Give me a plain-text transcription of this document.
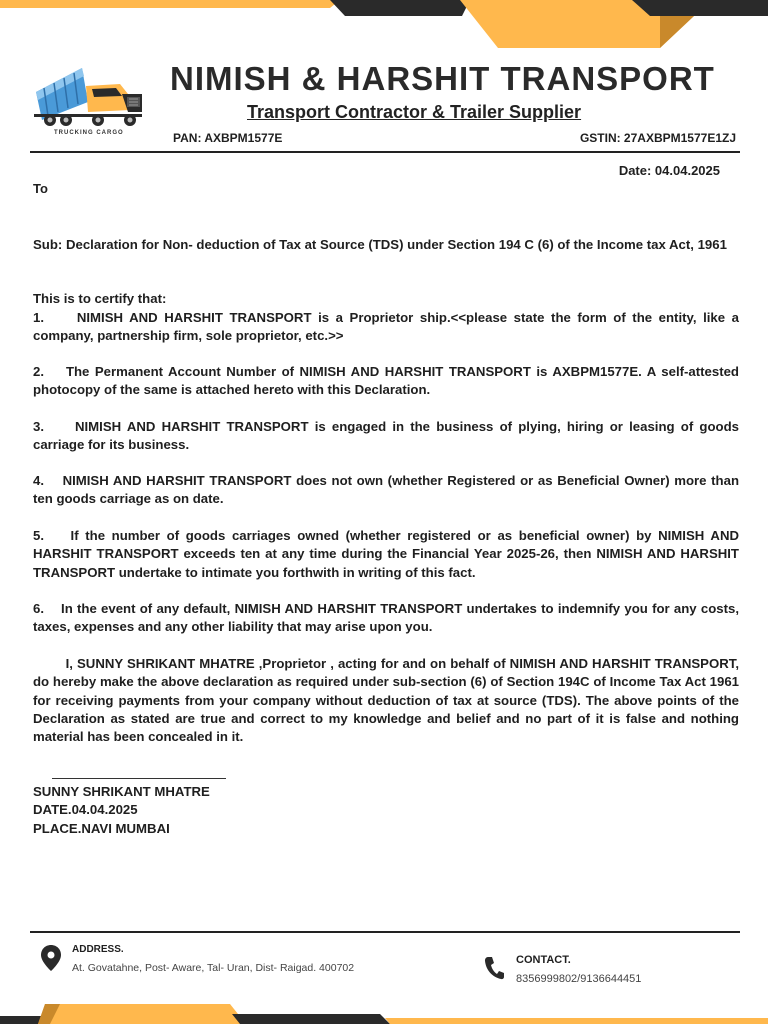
TRUCKING CARGO
NIMISH & HARSHIT TRANSPORT
Transport Contractor & Trailer Supplier
PAN: AXBPM1577E	GSTIN: 27AXBPM1577E1ZJ
Date: 04.04.2025
To

Sub: Declaration for Non- deduction of Tax at Source (TDS) under Section 194 C (6) of the Income tax Act, 1961

This is to certify that:

1.     NIMISH AND HARSHIT TRANSPORT is a Proprietor ship.<<please state the form of the entity, like a company, partnership firm, sole proprietor, etc.>>

2.    The Permanent Account Number of NIMISH AND HARSHIT TRANSPORT is AXBPM1577E. A self-attested photocopy of the same is attached hereto with this Declaration.

3.     NIMISH AND HARSHIT TRANSPORT is engaged in the business of plying, hiring or leasing of goods carriage for its business.

4.    NIMISH AND HARSHIT TRANSPORT does not own (whether Registered or as Beneficial Owner) more than ten goods carriage as on date.

5.    If the number of goods carriages owned (whether registered or as beneficial owner) by NIMISH AND HARSHIT TRANSPORT exceeds ten at any time during the Financial Year 2025-26, then NIMISH AND HARSHIT TRANSPORT undertake to intimate you forthwith in writing of this fact.

6.    In the event of any default, NIMISH AND HARSHIT TRANSPORT undertakes to indemnify you for any costs, taxes, expenses and any other liability that may arise upon you.

I, SUNNY SHRIKANT MHATRE ,Proprietor , acting for and on behalf of NIMISH AND HARSHIT TRANSPORT, do hereby make the above declaration as required under sub-section (6) of Section 194C of Income Tax Act 1961 for receiving payments from your company without deduction of tax at source (TDS). The above points of the Declaration as stated are true and correct to my knowledge and belief and no part of it is false and nothing material has been concealed in it.

SUNNY SHRIKANT MHATRE
DATE.04.04.2025
PLACE.NAVI MUMBAI
ADDRESS.
At. Govatahne, Post- Aware, Tal- Uran, Dist- Raigad. 400702
CONTACT.
8356999802/9136644451
